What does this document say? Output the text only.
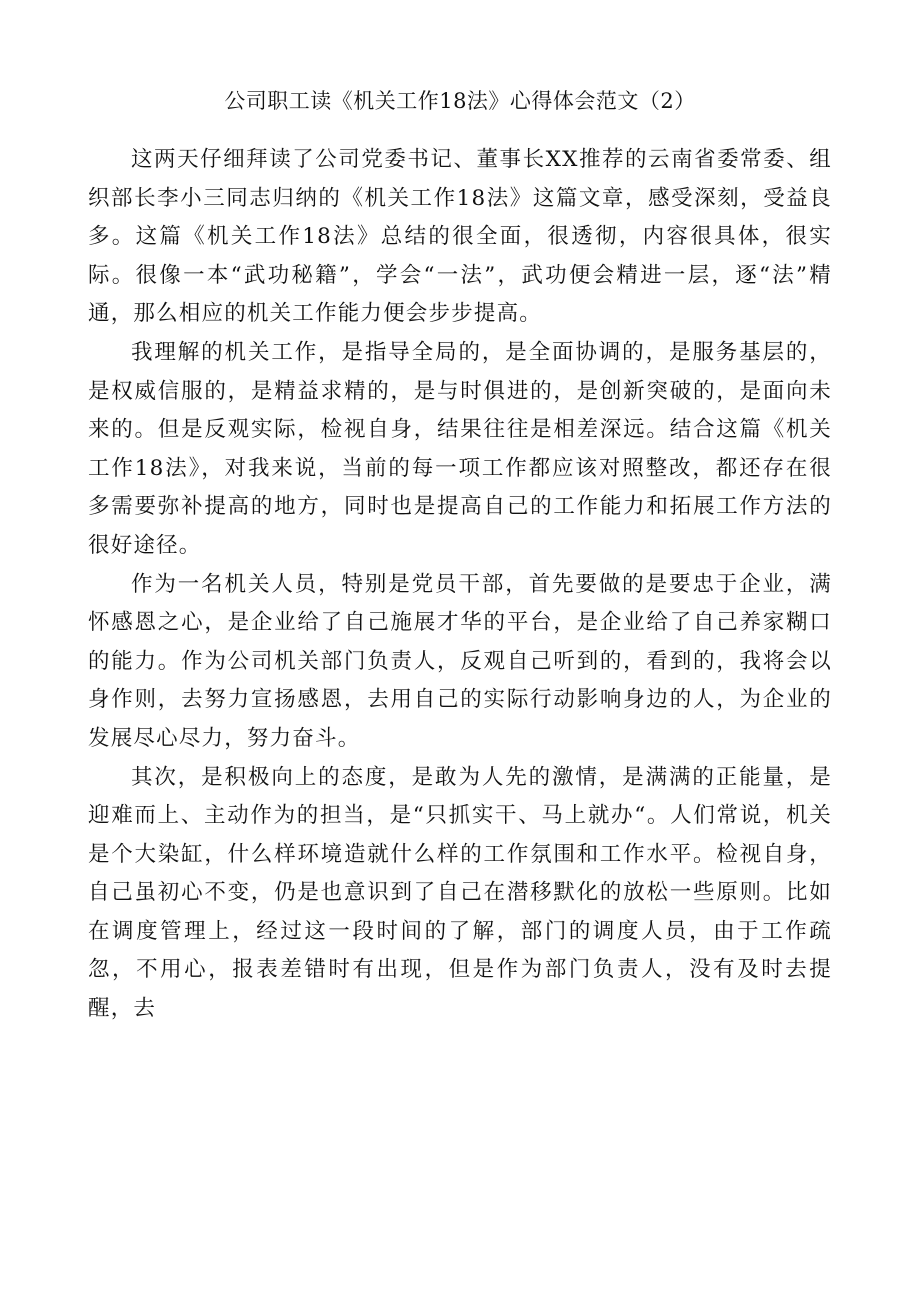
公司职工读《机关工作18法》心得体会范文（2）

这两天仔细拜读了公司党委书记、董事长XX推荐的云南省委常委、组织部长李小三同志归纳的《机关工作18法》这篇文章，感受深刻，受益良多。这篇《机关工作18法》总结的很全面，很透彻，内容很具体，很实际。很像一本“武功秘籍”，学会“一法”，武功便会精进一层，逐“法”精通，那么相应的机关工作能力便会步步提高。

我理解的机关工作，是指导全局的，是全面协调的，是服务基层的，是权威信服的，是精益求精的，是与时俱进的，是创新突破的，是面向未来的。但是反观实际，检视自身，结果往往是相差深远。结合这篇《机关工作18法》，对我来说，当前的每一项工作都应该对照整改，都还存在很多需要弥补提高的地方，同时也是提高自己的工作能力和拓展工作方法的很好途径。

作为一名机关人员，特别是党员干部，首先要做的是要忠于企业，满怀感恩之心，是企业给了自己施展才华的平台，是企业给了自己养家糊口的能力。作为公司机关部门负责人，反观自己听到的，看到的，我将会以身作则，去努力宣扬感恩，去用自己的实际行动影响身边的人，为企业的发展尽心尽力，努力奋斗。

其次，是积极向上的态度，是敢为人先的激情，是满满的正能量，是迎难而上、主动作为的担当，是“只抓实干、马上就办“。人们常说，机关是个大染缸，什么样环境造就什么样的工作氛围和工作水平。检视自身，自己虽初心不变，仍是也意识到了自己在潜移默化的放松一些原则。比如在调度管理上，经过这一段时间的了解，部门的调度人员，由于工作疏忽，不用心，报表差错时有出现，但是作为部门负责人，没有及时去提醒，去
